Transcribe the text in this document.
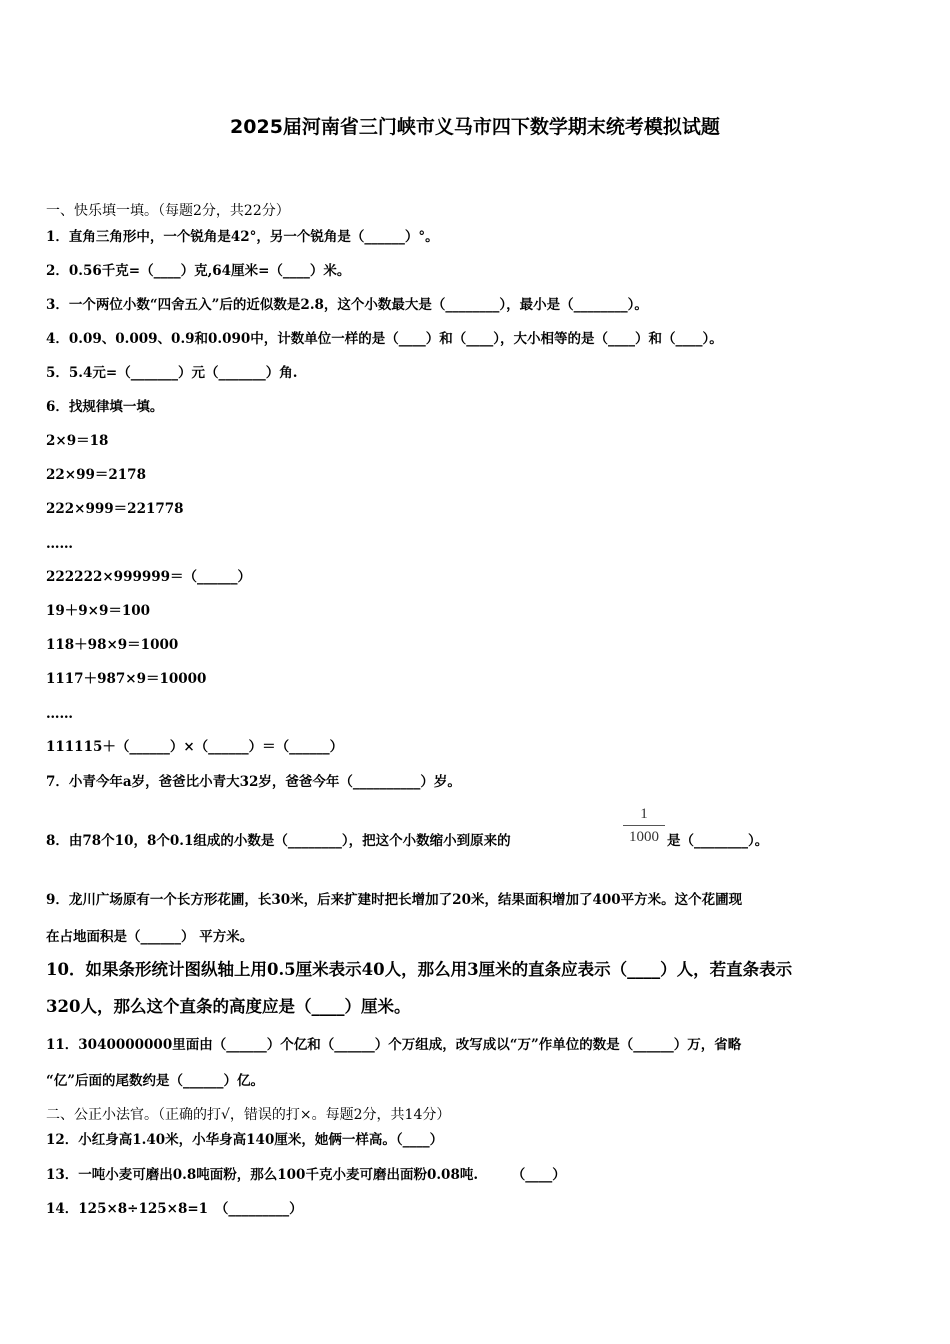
2025届河南省三门峡市义马市四下数学期末统考模拟试题
一、快乐填一填。（每题2分，共22分）
1．直角三角形中，一个锐角是42°，另一个锐角是（______）°。
2．0.56千克=（____）克,64厘米=（____）米。
3．一个两位小数“四舍五入”后的近似数是2.8，这个小数最大是（________），最小是（________）。
4．0.09、0.009、0.9和0.090中，计数单位一样的是（____）和（____），大小相等的是（____）和（____）。
5．5.4元=（_______）元（_______）角.
6．找规律填一填。
2×9＝18
22×99＝2178
222×999＝221778
……
222222×999999＝（______）
19＋9×9＝100
118＋98×9＝1000
1117＋987×9＝10000
……
111115＋（______）×（______）＝（______）
7．小青今年a岁，爸爸比小青大32岁，爸爸今年（__________）岁。
8．由78个10，8个0.1组成的小数是（________），把这个小数缩小到原来的
1
1000 是（________）。
9．龙川广场原有一个长方形花圃，长30米，后来扩建时把长增加了20米，结果面积增加了400平方米。这个花圃现
在占地面积是（______） 平方米。
10．如果条形统计图纵轴上用0.5厘米表示40人，那么用3厘米的直条应表示（____）人，若直条表示
320人，那么这个直条的高度应是（____）厘米。
11．3040000000里面由（______）个亿和（______）个万组成，改写成以“万”作单位的数是（______）万，省略
“亿”后面的尾数约是（______）亿。
二、公正小法官。（正确的打√，错误的打×。每题2分，共14分）
12．小红身高1.40米，小华身高140厘米，她俩一样高。（____）
13．一吨小麦可磨出0.8吨面粉，那么100千克小麦可磨出面粉0.08吨.　　　（____）
14．125×8÷125×8=1　（_________）
